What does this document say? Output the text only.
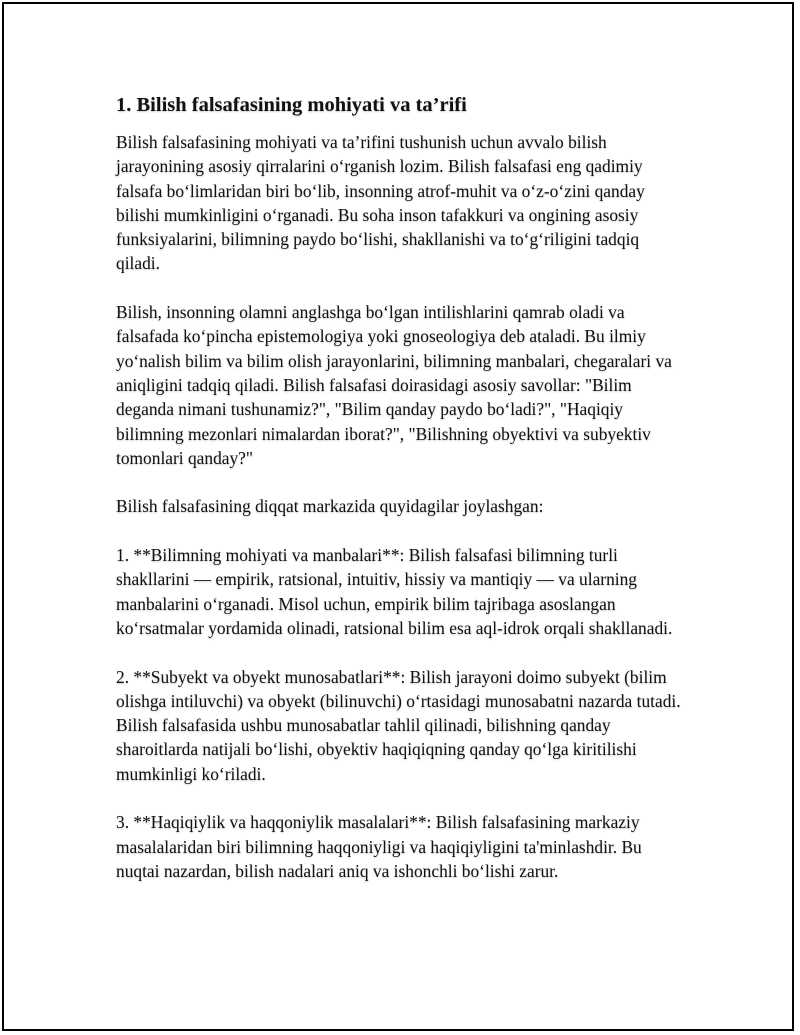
1. Bilish falsafasining mohiyati va ta’rifi

Bilish falsafasining mohiyati va ta’rifini tushunish uchun avvalo bilish jarayonining asosiy qirralarini oʻrganish lozim. Bilish falsafasi eng qadimiy falsafa boʻlimlaridan biri boʻlib, insonning atrof-muhit va oʻz-oʻzini qanday bilishi mumkinligini oʻrganadi. Bu soha inson tafakkuri va ongining asosiy funksiyalarini, bilimning paydo boʻlishi, shakllanishi va toʻgʻriligini tadqiq qiladi.

Bilish, insonning olamni anglashga boʻlgan intilishlarini qamrab oladi va falsafada koʻpincha epistemologiya yoki gnoseologiya deb ataladi. Bu ilmiy yoʻnalish bilim va bilim olish jarayonlarini, bilimning manbalari, chegaralari va aniqligini tadqiq qiladi. Bilish falsafasi doirasidagi asosiy savollar: "Bilim deganda nimani tushunamiz?", "Bilim qanday paydo boʻladi?", "Haqiqiy bilimning mezonlari nimalardan iborat?", "Bilishning obyektivi va subyektiv tomonlari qanday?"

Bilish falsafasining diqqat markazida quyidagilar joylashgan:

1. **Bilimning mohiyati va manbalari**: Bilish falsafasi bilimning turli shakllarini — empirik, ratsional, intuitiv, hissiy va mantiqiy — va ularning manbalarini oʻrganadi. Misol uchun, empirik bilim tajribaga asoslangan koʻrsatmalar yordamida olinadi, ratsional bilim esa aql-idrok orqali shakllanadi.

2. **Subyekt va obyekt munosabatlari**: Bilish jarayoni doimo subyekt (bilim olishga intiluvchi) va obyekt (bilinuvchi) oʻrtasidagi munosabatni nazarda tutadi. Bilish falsafasida ushbu munosabatlar tahlil qilinadi, bilishning qanday sharoitlarda natijali boʻlishi, obyektiv haqiqiqning qanday qoʻlga kiritilishi mumkinligi koʻriladi.

3. **Haqiqiylik va haqqoniylik masalalari**: Bilish falsafasining markaziy masalalaridan biri bilimning haqqoniyligi va haqiqiyligini ta'minlashdir. Bu nuqtai nazardan, bilish nadalari aniq va ishonchli boʻlishi zarur.
